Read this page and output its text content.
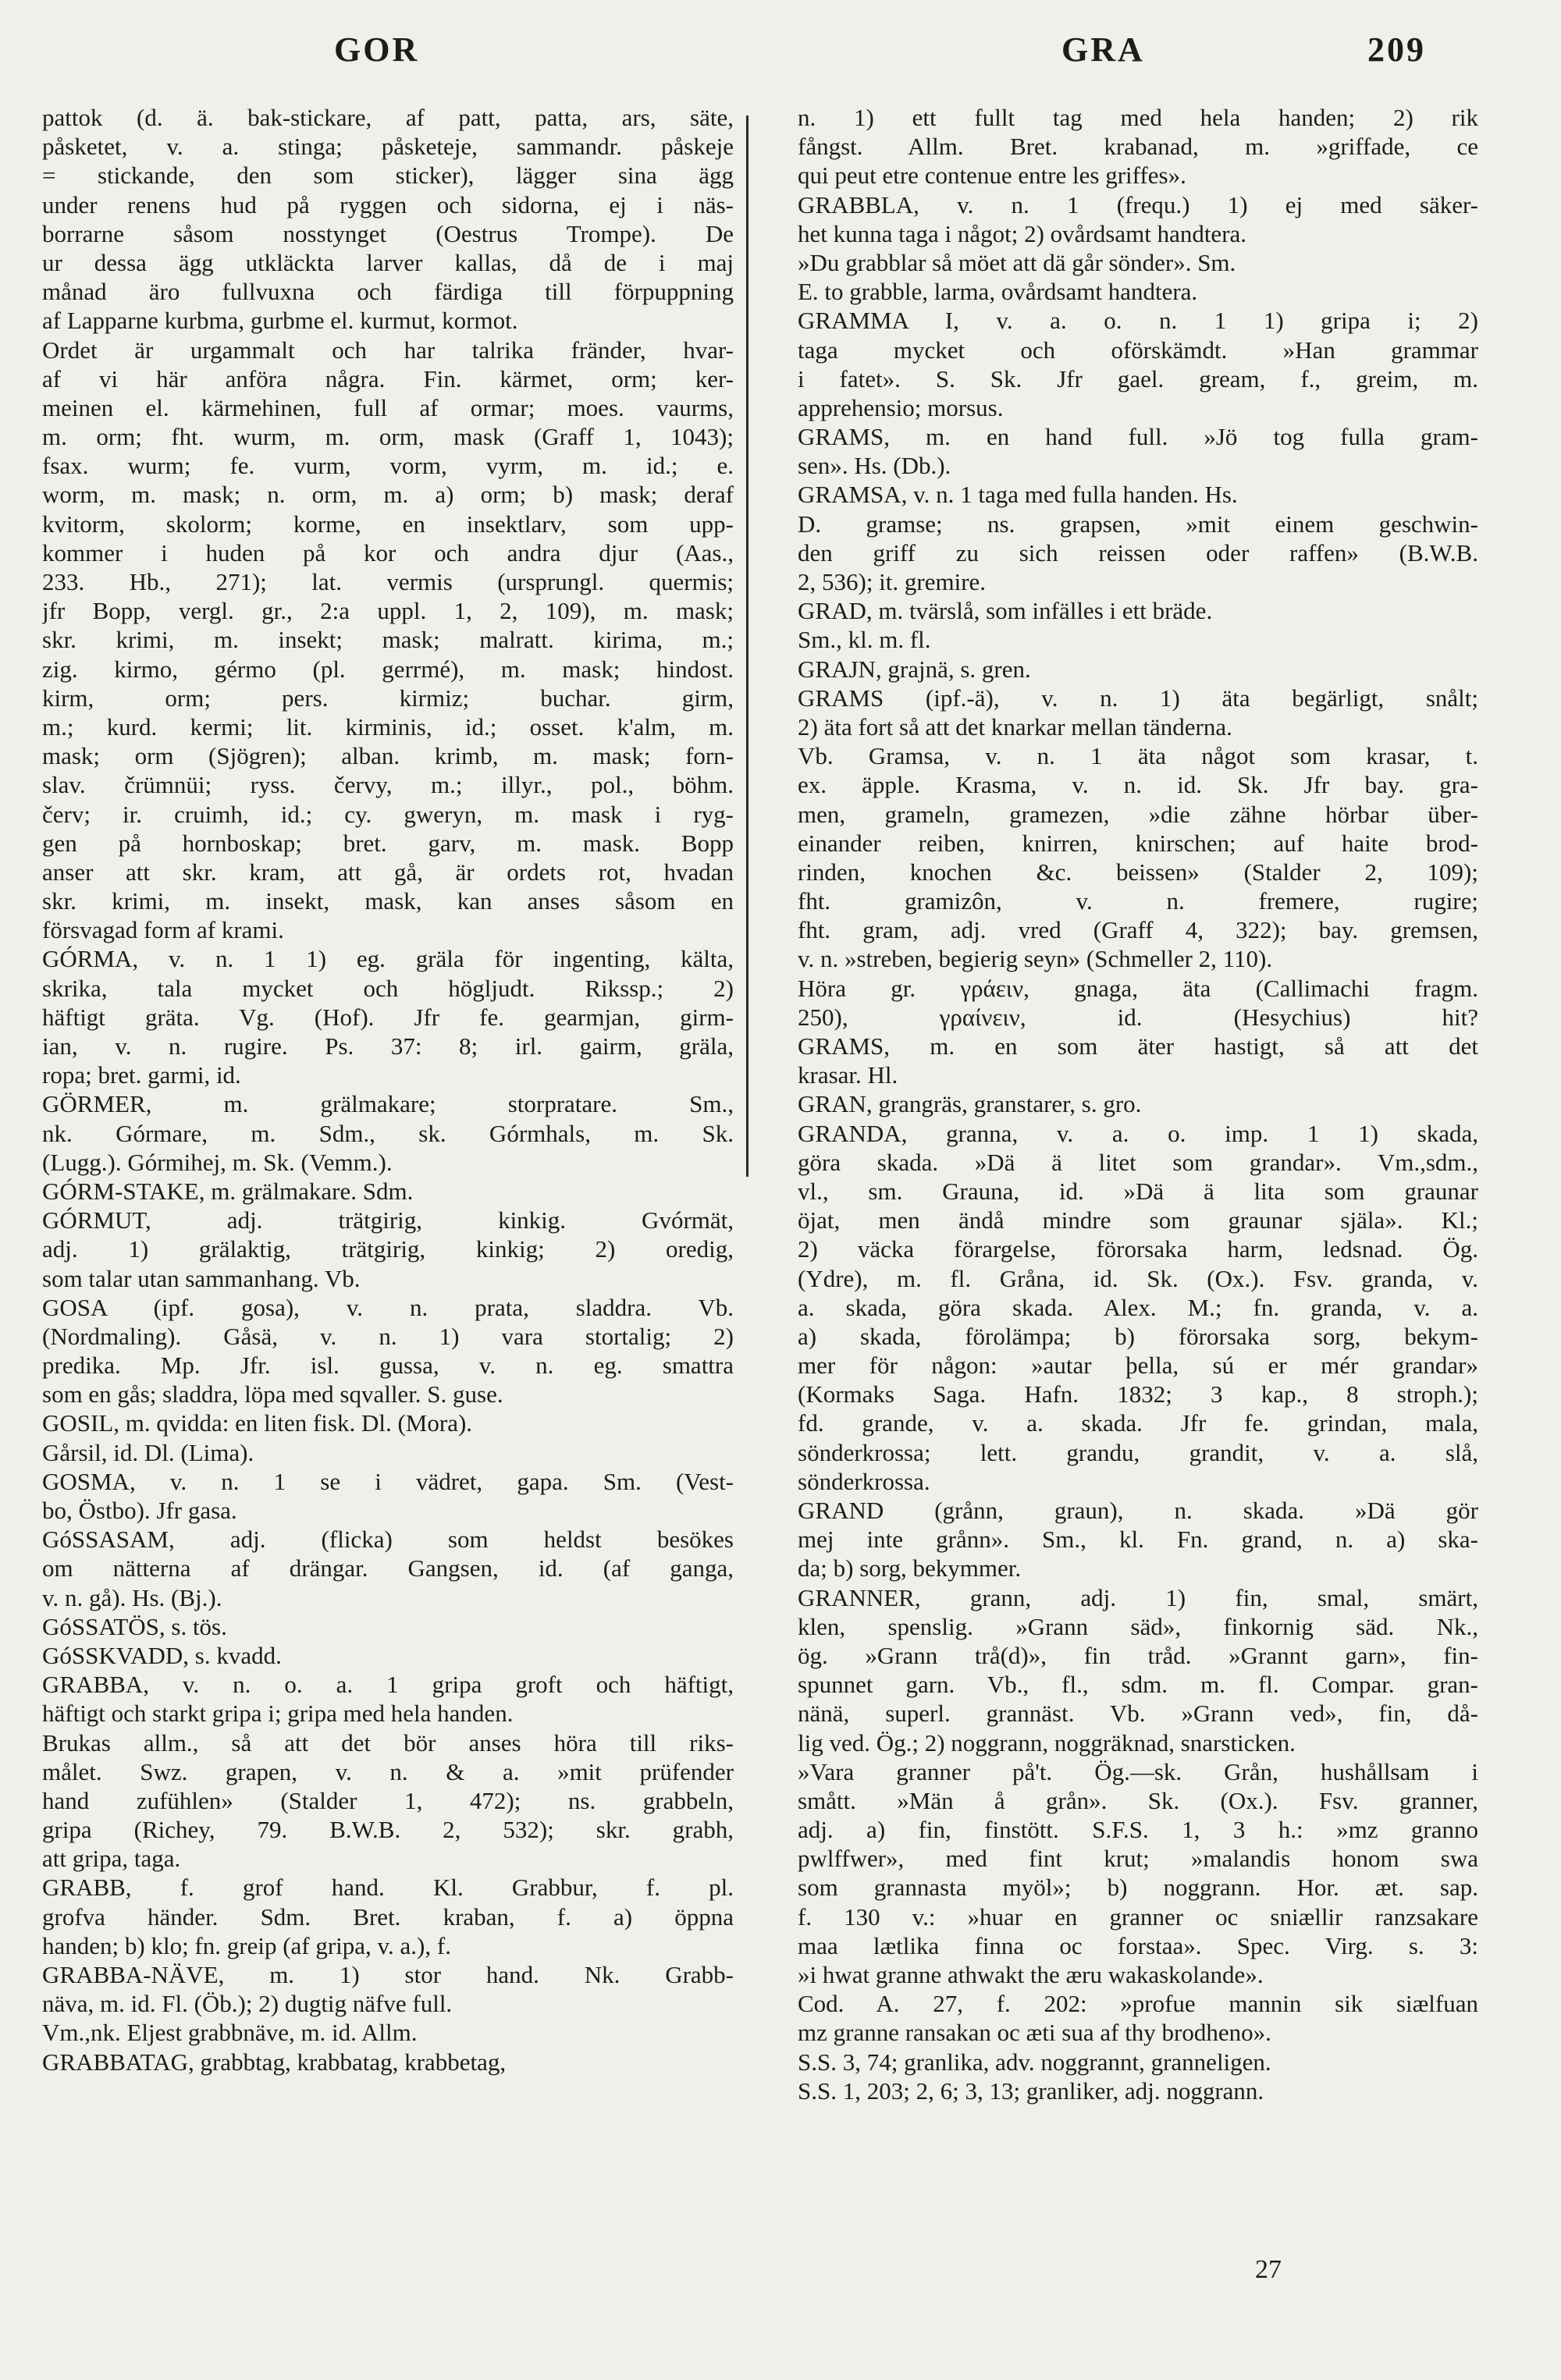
GOR	GRA	209
pattok (d. ä. bak-stickare, af patt, patta, ars, säte,
påsketet, v. a. stinga; påsketeje, sammandr. påskeje
= stickande, den som sticker), lägger sina ägg
under renens hud på ryggen och sidorna, ej i näs-
borrarne såsom nosstynget (Oestrus Trompe). De
ur dessa ägg utkläckta larver kallas, då de i maj
månad äro fullvuxna och färdiga till förpuppning
af Lapparne kurbma, gurbme el. kurmut, kormot.
Ordet är urgammalt och har talrika fränder, hvar-
af vi här anföra några. Fin. kärmet, orm; ker-
meinen el. kärmehinen, full af ormar; moes. vaurms,
m. orm; fht. wurm, m. orm, mask (Graff 1, 1043);
fsax. wurm; fe. vurm, vorm, vyrm, m. id.; e.
worm, m. mask; n. orm, m. a) orm; b) mask; deraf
kvitorm, skolorm; korme, en insektlarv, som upp-
kommer i huden på kor och andra djur (Aas.,
233. Hb., 271); lat. vermis (ursprungl. quermis;
jfr Bopp, vergl. gr., 2:a uppl. 1, 2, 109), m. mask;
skr. krimi, m. insekt; mask; malratt. kirima, m.;
zig. kirmo, gérmo (pl. gerrmé), m. mask; hindost.
kirm, orm; pers. kirmiz; buchar. girm,
m.; kurd. kermi; lit. kirminis, id.; osset. k'alm, m.
mask; orm (Sjögren); alban. krimb, m. mask; forn-
slav. črümnüi; ryss. červy, m.; illyr., pol., böhm.
červ; ir. cruimh, id.; cy. gweryn, m. mask i ryg-
gen på hornboskap; bret. garv, m. mask. Bopp
anser att skr. kram, att gå, är ordets rot, hvadan
skr. krimi, m. insekt, mask, kan anses såsom en
försvagad form af krami.
GÓRMA, v. n. 1 1) eg. gräla för ingenting, kälta,
skrika, tala mycket och högljudt. Rikssp.; 2)
häftigt gräta. Vg. (Hof). Jfr fe. gearmjan, girm-
ian, v. n. rugire. Ps. 37: 8; irl. gairm, gräla,
ropa; bret. garmi, id.
GÖRMER, m. grälmakare; storpratare. Sm.,
nk. Górmare, m. Sdm., sk. Górmhals, m. Sk.
(Lugg.). Górmihej, m. Sk. (Vemm.).
GÓRM-STAKE, m. grälmakare. Sdm.
GÓRMUT, adj. trätgirig, kinkig. Gvórmät,
adj. 1) grälaktig, trätgirig, kinkig; 2) oredig,
som talar utan sammanhang. Vb.
GOSA (ipf. gosa), v. n. prata, sladdra. Vb.
(Nordmaling). Gåsä, v. n. 1) vara stortalig; 2)
predika. Mp. Jfr. isl. gussa, v. n. eg. smattra
som en gås; sladdra, löpa med sqvaller. S. guse.
GOSIL, m. qvidda: en liten fisk. Dl. (Mora).
Gårsil, id. Dl. (Lima).
GOSMA, v. n. 1 se i vädret, gapa. Sm. (Vest-
bo, Östbo). Jfr gasa.
GóSSASAM, adj. (flicka) som heldst besökes
om nätterna af drängar. Gangsen, id. (af ganga,
v. n. gå). Hs. (Bj.).
GóSSATÖS, s. tös.
GóSSKVADD, s. kvadd.
GRABBA, v. n. o. a. 1 gripa groft och häftigt,
häftigt och starkt gripa i; gripa med hela handen.
Brukas allm., så att det bör anses höra till riks-
målet. Swz. grapen, v. n. & a. »mit prüfender
hand zufühlen» (Stalder 1, 472); ns. grabbeln,
gripa (Richey, 79. B.W.B. 2, 532); skr. grabh,
att gripa, taga.
GRABB, f. grof hand. Kl. Grabbur, f. pl.
grofva händer. Sdm. Bret. kraban, f. a) öppna
handen; b) klo; fn. greip (af gripa, v. a.), f.
GRABBA-NÄVE, m. 1) stor hand. Nk. Grabb-
näva, m. id. Fl. (Öb.); 2) dugtig näfve full.
Vm.,nk. Eljest grabbnäve, m. id. Allm.
GRABBATAG, grabbtag, krabbatag, krabbetag,
n. 1) ett fullt tag med hela handen; 2) rik
fångst. Allm. Bret. krabanad, m. »griffade, ce
qui peut etre contenue entre les griffes».
GRABBLA, v. n. 1 (frequ.) 1) ej med säker-
het kunna taga i något; 2) ovårdsamt handtera.
»Du grabblar så möet att dä går sönder». Sm.
E. to grabble, larma, ovårdsamt handtera.
GRAMMA I, v. a. o. n. 1 1) gripa i; 2)
taga mycket och oförskämdt. »Han grammar
i fatet». S. Sk. Jfr gael. gream, f., greim, m.
apprehensio; morsus.
GRAMS, m. en hand full. »Jö tog fulla gram-
sen». Hs. (Db.).
GRAMSA, v. n. 1 taga med fulla handen. Hs.
D. gramse; ns. grapsen, »mit einem geschwin-
den griff zu sich reissen oder raffen» (B.W.B.
2, 536); it. gremire.
GRAD, m. tvärslå, som infälles i ett bräde.
Sm., kl. m. fl.
GRAJN, grajnä, s. gren.
GRAMS (ipf.-ä), v. n. 1) äta begärligt, snålt;
2) äta fort så att det knarkar mellan tänderna.
Vb. Gramsa, v. n. 1 äta något som krasar, t.
ex. äpple. Krasma, v. n. id. Sk. Jfr bay. gra-
men, grameln, gramezen, »die zähne hörbar über-
einander reiben, knirren, knirschen; auf haite brod-
rinden, knochen &c. beissen» (Stalder 2, 109);
fht. gramizôn, v. n. fremere, rugire;
fht. gram, adj. vred (Graff 4, 322); bay. gremsen,
v. n. »streben, begierig seyn» (Schmeller 2, 110).
Höra gr. γράειν, gnaga, äta (Callimachi fragm.
250), γραίνειν, id. (Hesychius) hit?
GRAMS, m. en som äter hastigt, så att det
krasar. Hl.
GRAN, grangräs, granstarer, s. gro.
GRANDA, granna, v. a. o. imp. 1 1) skada,
göra skada. »Dä ä litet som grandar». Vm.,sdm.,
vl., sm. Grauna, id. »Dä ä lita som graunar
öjat, men ändå mindre som graunar själa». Kl.;
2) väcka förargelse, förorsaka harm, ledsnad. Ög.
(Ydre), m. fl. Gråna, id. Sk. (Ox.). Fsv. granda, v.
a. skada, göra skada. Alex. M.; fn. granda, v. a.
a) skada, förolämpa; b) förorsaka sorg, bekym-
mer för någon: »autar þella, sú er mér grandar»
(Kormaks Saga. Hafn. 1832; 3 kap., 8 stroph.);
fd. grande, v. a. skada. Jfr fe. grindan, mala,
sönderkrossa; lett. grandu, grandit, v. a. slå,
sönderkrossa.
GRAND (grånn, graun), n. skada. »Dä gör
mej inte grånn». Sm., kl. Fn. grand, n. a) ska-
da; b) sorg, bekymmer.
GRANNER, grann, adj. 1) fin, smal, smärt,
klen, spenslig. »Grann säd», finkornig säd. Nk.,
ög. »Grann trå(d)», fin tråd. »Grannt garn», fin-
spunnet garn. Vb., fl., sdm. m. fl. Compar. gran-
nänä, superl. grannäst. Vb. »Grann ved», fin, då-
lig ved. Ög.; 2) noggrann, noggräknad, snarsticken.
»Vara granner på't. Ög.—sk. Grån, hushållsam i
smått. »Män å grån». Sk. (Ox.). Fsv. granner,
adj. a) fin, finstött. S.F.S. 1, 3 h.: »mz granno
pwlffwer», med fint krut; »malandis honom swa
som grannasta myöl»; b) noggrann. Hor. æt. sap.
f. 130 v.: »huar en granner oc sniællir ranzsakare
maa lætlika finna oc forstaa». Spec. Virg. s. 3:
»i hwat granne athwakt the æru wakaskolande».
Cod. A. 27, f. 202: »profue mannin sik siælfuan
mz granne ransakan oc æti sua af thy brodheno».
S.S. 3, 74; granlika, adv. noggrannt, granneligen.
S.S. 1, 203; 2, 6; 3, 13; granliker, adj. noggrann.
27
